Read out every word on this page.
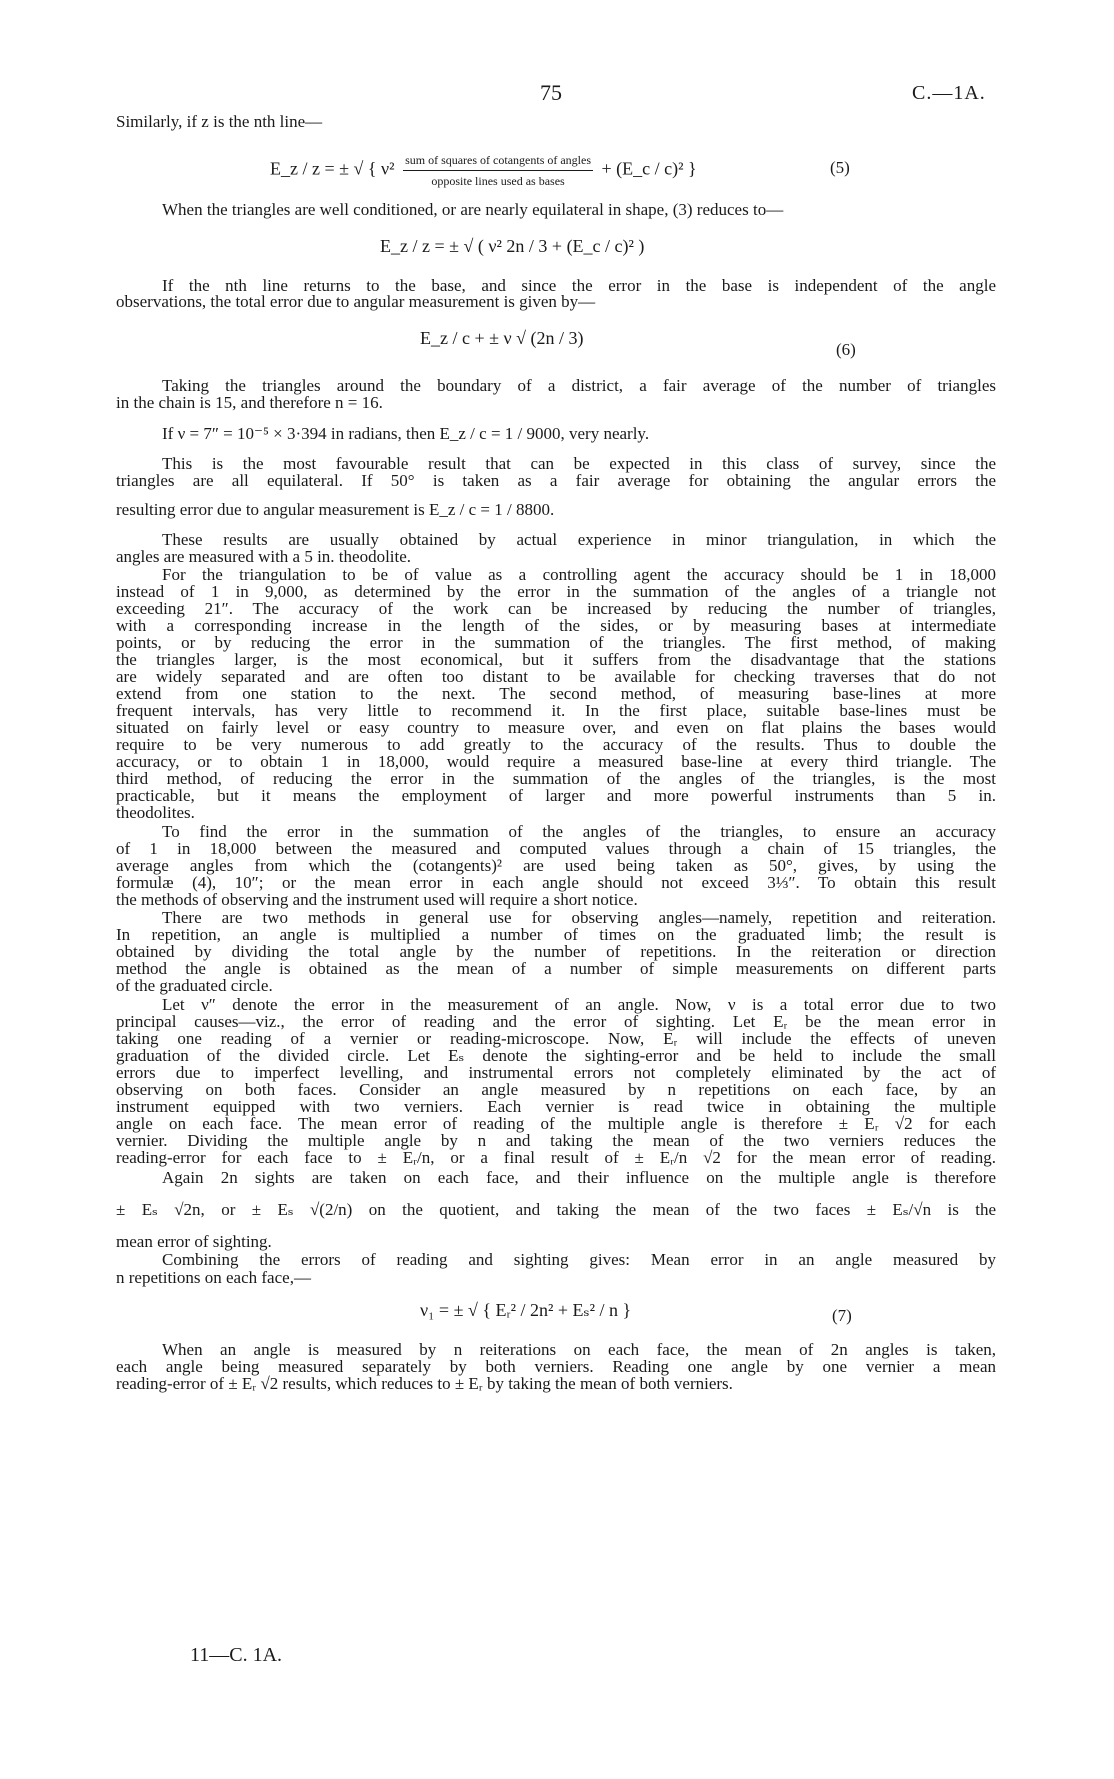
75	C.—1A.
Similarly, if z is the nth line—
E_z / z = ± √ { $\nu^2 \frac{\text{sum of squares of cotangents of angles}}{\text{opposite lines used as bases}}$ + (E_c / c)² }	(5)
When the triangles are well conditioned, or are nearly equilateral in shape, (3) reduces to—
E_z / z = ± √ ( ν² 2n / 3 + (E_c / c)² )
If the nth line returns to the base, and since the error in the base is independent of the angle
observations, the total error due to angular measurement is given by—
E_z / c + ± ν √ (2n / 3)
(6)
Taking the triangles around the boundary of a district, a fair average of the number of triangles
in the chain is 15, and therefore n = 16.
If ν = 7″ = 10⁻⁵ × 3·394 in radians, then E_z / c = 1 / 9000, very nearly.
This is the most favourable result that can be expected in this class of survey, since the
triangles are all equilateral. If 50° is taken as a fair average for obtaining the angular errors the
resulting error due to angular measurement is E_z / c = 1 / 8800.
These results are usually obtained by actual experience in minor triangulation, in which the
angles are measured with a 5 in. theodolite.
For the triangulation to be of value as a controlling agent the accuracy should be 1 in 18,000
instead of 1 in 9,000, as determined by the error in the summation of the angles of a triangle not
exceeding 21″. The accuracy of the work can be increased by reducing the number of triangles,
with a corresponding increase in the length of the sides, or by measuring bases at intermediate
points, or by reducing the error in the summation of the triangles. The first method, of making
the triangles larger, is the most economical, but it suffers from the disadvantage that the stations
are widely separated and are often too distant to be available for checking traverses that do not
extend from one station to the next. The second method, of measuring base-lines at more
frequent intervals, has very little to recommend it. In the first place, suitable base-lines must be
situated on fairly level or easy country to measure over, and even on flat plains the bases would
require to be very numerous to add greatly to the accuracy of the results. Thus to double the
accuracy, or to obtain 1 in 18,000, would require a measured base-line at every third triangle. The
third method, of reducing the error in the summation of the angles of the triangles, is the most
practicable, but it means the employment of larger and more powerful instruments than 5 in.
theodolites.
To find the error in the summation of the angles of the triangles, to ensure an accuracy
of 1 in 18,000 between the measured and computed values through a chain of 15 triangles, the
average angles from which the (cotangents)² are used being taken as 50°, gives, by using the
formulæ (4), 10″; or the mean error in each angle should not exceed 3⅓″. To obtain this result
the methods of observing and the instrument used will require a short notice.
There are two methods in general use for observing angles—namely, repetition and reiteration.
In repetition, an angle is multiplied a number of times on the graduated limb; the result is
obtained by dividing the total angle by the number of repetitions. In the reiteration or direction
method the angle is obtained as the mean of a number of simple measurements on different parts
of the graduated circle.
Let ν″ denote the error in the measurement of an angle. Now, ν is a total error due to two
principal causes—viz., the error of reading and the error of sighting. Let Eᵣ be the mean error in
taking one reading of a vernier or reading-microscope. Now, Eᵣ will include the effects of uneven
graduation of the divided circle. Let Eₛ denote the sighting-error and be held to include the small
errors due to imperfect levelling, and instrumental errors not completely eliminated by the act of
observing on both faces. Consider an angle measured by n repetitions on each face, by an
instrument equipped with two verniers. Each vernier is read twice in obtaining the multiple
angle on each face. The mean error of reading of the multiple angle is therefore ± Eᵣ √2 for each
vernier. Dividing the multiple angle by n and taking the mean of the two verniers reduces the
reading-error for each face to ± Eᵣ/n, or a final result of ± Eᵣ/n √2 for the mean error of reading.
Again 2n sights are taken on each face, and their influence on the multiple angle is therefore
± Eₛ √2n, or ± Eₛ √(2/n) on the quotient, and taking the mean of the two faces ± Eₛ/√n is the
mean error of sighting.
Combining the errors of reading and sighting gives: Mean error in an angle measured by
n repetitions on each face,—
ν₁ = ± √ { Eᵣ² / 2n² + Eₛ² / n }	(7)
When an angle is measured by n reiterations on each face, the mean of 2n angles is taken,
each angle being measured separately by both verniers. Reading one angle by one vernier a mean
reading-error of ± Eᵣ √2 results, which reduces to ± Eᵣ by taking the mean of both verniers.
11—C. 1A.
